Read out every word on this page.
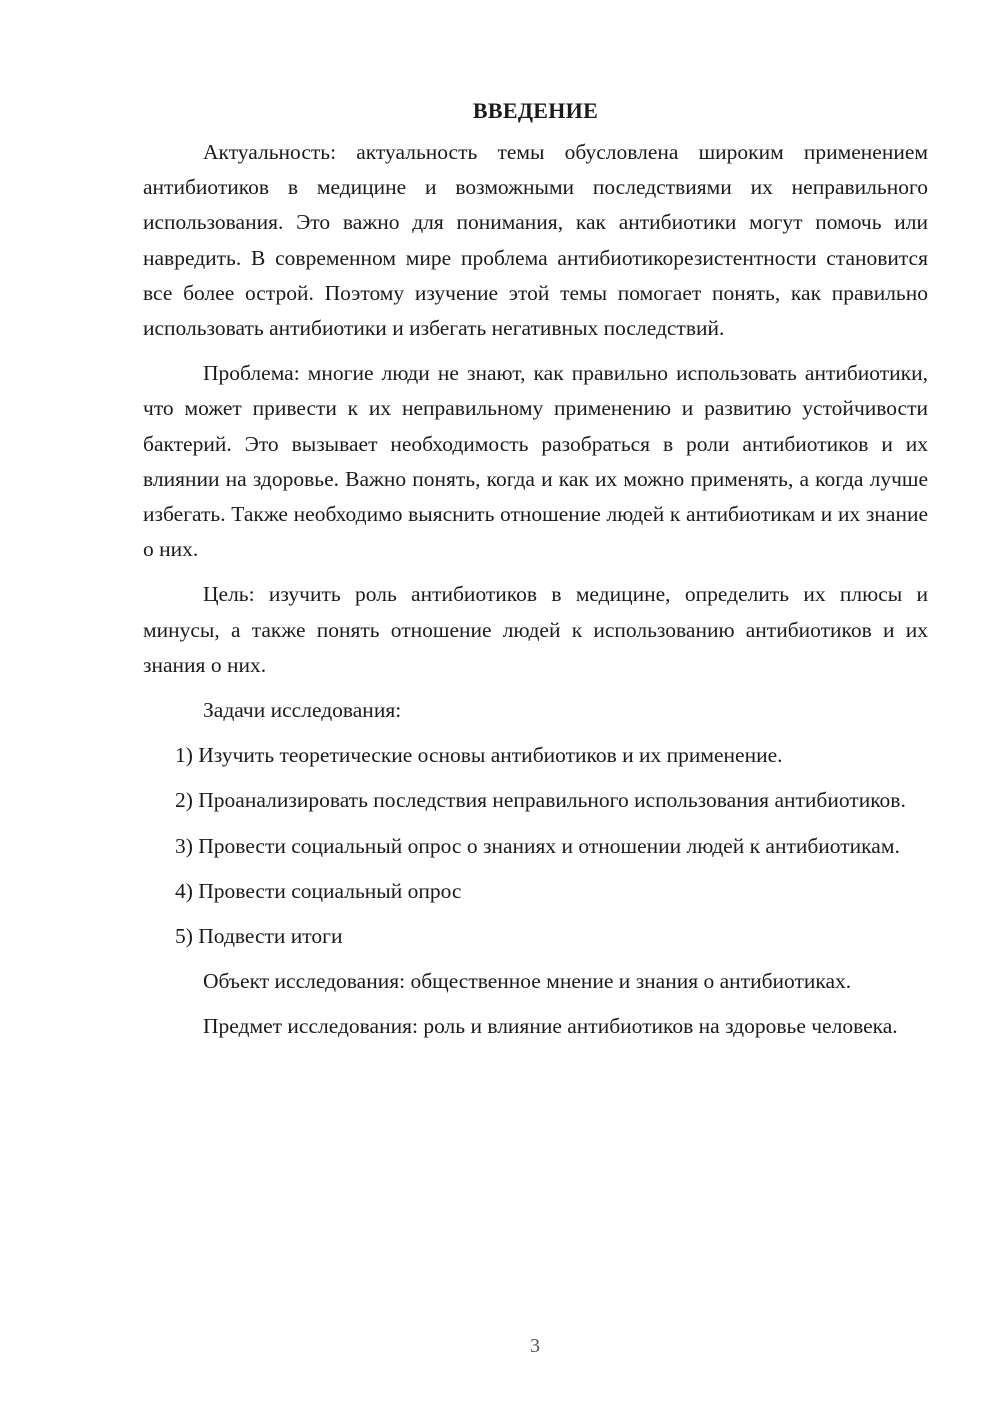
ВВЕДЕНИЕ

Актуальность: актуальность темы обусловлена широким применением антибиотиков в медицине и возможными последствиями их неправильного использования. Это важно для понимания, как антибиотики могут помочь или навредить. В современном мире проблема антибиотикорезистентности становится все более острой. Поэтому изучение этой темы помогает понять, как правильно использовать антибиотики и избегать негативных последствий.

Проблема: многие люди не знают, как правильно использовать антибиотики, что может привести к их неправильному применению и развитию устойчивости бактерий. Это вызывает необходимость разобраться в роли антибиотиков и их влиянии на здоровье. Важно понять, когда и как их можно применять, а когда лучше избегать. Также необходимо выяснить отношение людей к антибиотикам и их знание о них.

Цель: изучить роль антибиотиков в медицине, определить их плюсы и минусы, а также понять отношение людей к использованию антибиотиков и их знания о них.

Задачи исследования:

1) Изучить теоретические основы антибиотиков и их применение.

2) Проанализировать последствия неправильного использования антибиотиков.

3) Провести социальный опрос о знаниях и отношении людей к антибиотикам.

4) Провести социальный опрос

5) Подвести итоги

Объект исследования: общественное мнение и знания о антибиотиках.

Предмет исследования: роль и влияние антибиотиков на здоровье человека.

3
